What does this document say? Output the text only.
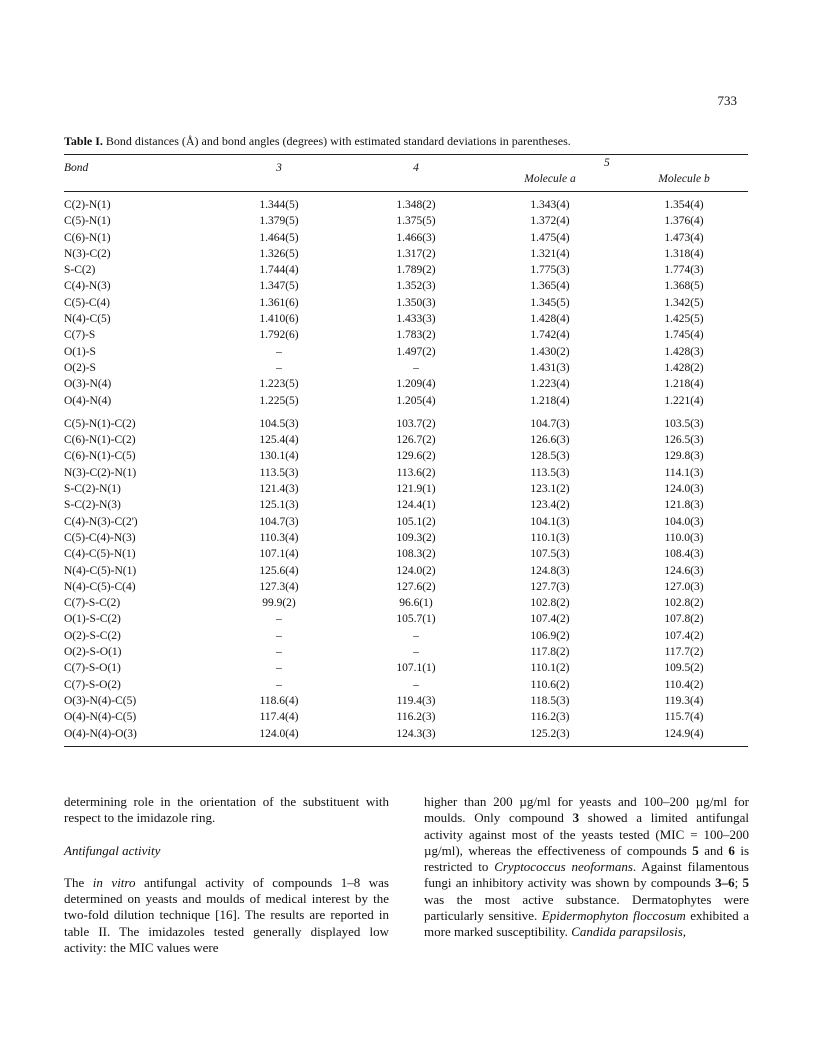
733
Table I. Bond distances (Å) and bond angles (degrees) with estimated standard deviations in parentheses.
Bond	3	4	5
Molecule a	Molecule b
C(2)-N(1)	1.344(5)	1.348(2)	1.343(4)	1.354(4)
C(5)-N(1)	1.379(5)	1.375(5)	1.372(4)	1.376(4)
C(6)-N(1)	1.464(5)	1.466(3)	1.475(4)	1.473(4)
N(3)-C(2)	1.326(5)	1.317(2)	1.321(4)	1.318(4)
S-C(2)	1.744(4)	1.789(2)	1.775(3)	1.774(3)
C(4)-N(3)	1.347(5)	1.352(3)	1.365(4)	1.368(5)
C(5)-C(4)	1.361(6)	1.350(3)	1.345(5)	1.342(5)
N(4)-C(5)	1.410(6)	1.433(3)	1.428(4)	1.425(5)
C(7)-S	1.792(6)	1.783(2)	1.742(4)	1.745(4)
O(1)-S	–	1.497(2)	1.430(2)	1.428(3)
O(2)-S	–	–	1.431(3)	1.428(2)
O(3)-N(4)	1.223(5)	1.209(4)	1.223(4)	1.218(4)
O(4)-N(4)	1.225(5)	1.205(4)	1.218(4)	1.221(4)
C(5)-N(1)-C(2)	104.5(3)	103.7(2)	104.7(3)	103.5(3)
C(6)-N(1)-C(2)	125.4(4)	126.7(2)	126.6(3)	126.5(3)
C(6)-N(1)-C(5)	130.1(4)	129.6(2)	128.5(3)	129.8(3)
N(3)-C(2)-N(1)	113.5(3)	113.6(2)	113.5(3)	114.1(3)
S-C(2)-N(1)	121.4(3)	121.9(1)	123.1(2)	124.0(3)
S-C(2)-N(3)	125.1(3)	124.4(1)	123.4(2)	121.8(3)
C(4)-N(3)-C(2')	104.7(3)	105.1(2)	104.1(3)	104.0(3)
C(5)-C(4)-N(3)	110.3(4)	109.3(2)	110.1(3)	110.0(3)
C(4)-C(5)-N(1)	107.1(4)	108.3(2)	107.5(3)	108.4(3)
N(4)-C(5)-N(1)	125.6(4)	124.0(2)	124.8(3)	124.6(3)
N(4)-C(5)-C(4)	127.3(4)	127.6(2)	127.7(3)	127.0(3)
C(7)-S-C(2)	99.9(2)	96.6(1)	102.8(2)	102.8(2)
O(1)-S-C(2)	–	105.7(1)	107.4(2)	107.8(2)
O(2)-S-C(2)	–	–	106.9(2)	107.4(2)
O(2)-S-O(1)	–	–	117.8(2)	117.7(2)
C(7)-S-O(1)	–	107.1(1)	110.1(2)	109.5(2)
C(7)-S-O(2)	–	–	110.6(2)	110.4(2)
O(3)-N(4)-C(5)	118.6(4)	119.4(3)	118.5(3)	119.3(4)
O(4)-N(4)-C(5)	117.4(4)	116.2(3)	116.2(3)	115.7(4)
O(4)-N(4)-O(3)	124.0(4)	124.3(3)	125.2(3)	124.9(4)

determining role in the orientation of the substituent with respect to the imidazole ring.

Antifungal activity

The in vitro antifungal activity of compounds 1–8 was determined on yeasts and moulds of medical interest by the two-fold dilution technique [16]. The results are reported in table II. The imidazoles tested generally displayed low activity: the MIC values were

higher than 200 µg/ml for yeasts and 100–200 µg/ml for moulds. Only compound 3 showed a limited antifungal activity against most of the yeasts tested (MIC = 100–200 µg/ml), whereas the effectiveness of compounds 5 and 6 is restricted to Cryptococcus neoformans. Against filamentous fungi an inhibitory activity was shown by compounds 3–6; 5 was the most active substance. Dermatophytes were particularly sensitive. Epidermophyton floccosum exhibited a more marked susceptibility. Candida parapsilosis,
